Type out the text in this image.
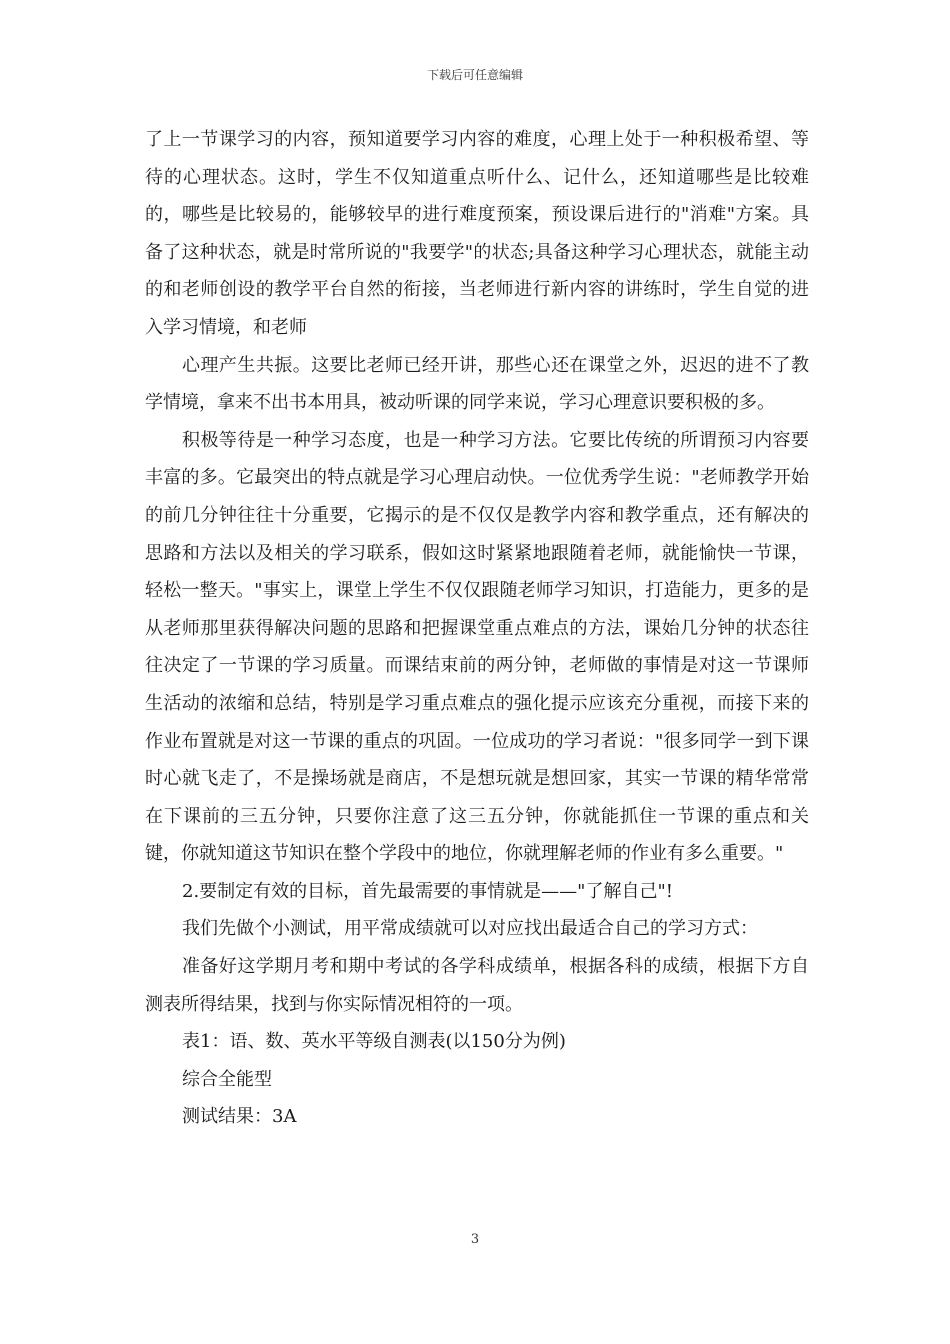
下载后可任意编辑

了上一节课学习的内容，预知道要学习内容的难度，心理上处于一种积极希望、等待的心理状态。这时，学生不仅知道重点听什么、记什么，还知道哪些是比较难的，哪些是比较易的，能够较早的进行难度预案，预设课后进行的"消难"方案。具备了这种状态，就是时常所说的"我要学"的状态;具备这种学习心理状态，就能主动的和老师创设的教学平台自然的衔接，当老师进行新内容的讲练时，学生自觉的进入学习情境，和老师

心理产生共振。这要比老师已经开讲，那些心还在课堂之外，迟迟的进不了教学情境，拿来不出书本用具，被动听课的同学来说，学习心理意识要积极的多。

积极等待是一种学习态度，也是一种学习方法。它要比传统的所谓预习内容要丰富的多。它最突出的特点就是学习心理启动快。一位优秀学生说："老师教学开始的前几分钟往往十分重要，它揭示的是不仅仅是教学内容和教学重点，还有解决的思路和方法以及相关的学习联系，假如这时紧紧地跟随着老师，就能愉快一节课，轻松一整天。"事实上，课堂上学生不仅仅跟随老师学习知识，打造能力，更多的是从老师那里获得解决问题的思路和把握课堂重点难点的方法，课始几分钟的状态往往决定了一节课的学习质量。而课结束前的两分钟，老师做的事情是对这一节课师生活动的浓缩和总结，特别是学习重点难点的强化提示应该充分重视，而接下来的作业布置就是对这一节课的重点的巩固。一位成功的学习者说："很多同学一到下课时心就飞走了，不是操场就是商店，不是想玩就是想回家，其实一节课的精华常常在下课前的三五分钟，只要你注意了这三五分钟，你就能抓住一节课的重点和关键，你就知道这节知识在整个学段中的地位，你就理解老师的作业有多么重要。"

2.要制定有效的目标，首先最需要的事情就是——"了解自己"!

我们先做个小测试，用平常成绩就可以对应找出最适合自己的学习方式：

准备好这学期月考和期中考试的各学科成绩单，根据各科的成绩，根据下方自测表所得结果，找到与你实际情况相符的一项。

表1：语、数、英水平等级自测表(以150分为例)

综合全能型

测试结果：3A

3
